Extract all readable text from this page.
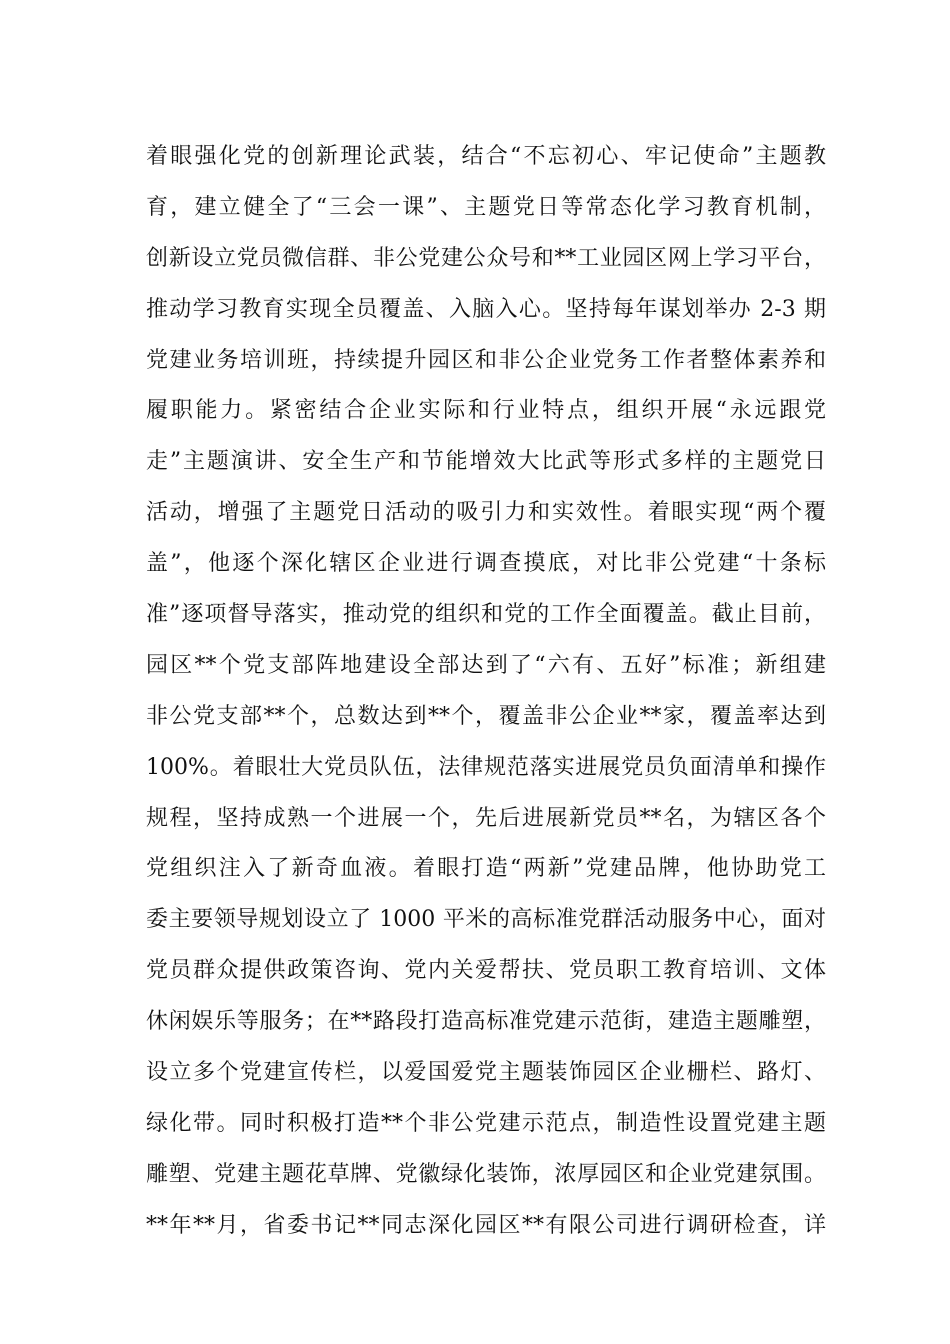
着眼强化党的创新理论武装，结合“不忘初心、牢记使命”主题教
育，建立健全了“三会一课”、主题党日等常态化学习教育机制，
创新设立党员微信群、非公党建公众号和**工业园区网上学习平台，
推动学习教育实现全员覆盖、入脑入心。坚持每年谋划举办 2-3 期
党建业务培训班，持续提升园区和非公企业党务工作者整体素养和
履职能力。紧密结合企业实际和行业特点，组织开展“永远跟党
走”主题演讲、安全生产和节能增效大比武等形式多样的主题党日
活动，增强了主题党日活动的吸引力和实效性。着眼实现“两个覆
盖”，他逐个深化辖区企业进行调查摸底，对比非公党建“十条标
准”逐项督导落实，推动党的组织和党的工作全面覆盖。截止目前，
园区**个党支部阵地建设全部达到了“六有、五好”标准；新组建
非公党支部**个，总数达到**个，覆盖非公企业**家，覆盖率达到
100%。着眼壮大党员队伍，法律规范落实进展党员负面清单和操作
规程，坚持成熟一个进展一个，先后进展新党员**名，为辖区各个
党组织注入了新奇血液。着眼打造“两新”党建品牌，他协助党工
委主要领导规划设立了 1000 平米的高标准党群活动服务中心，面对
党员群众提供政策咨询、党内关爱帮扶、党员职工教育培训、文体
休闲娱乐等服务；在**路段打造高标准党建示范街，建造主题雕塑，
设立多个党建宣传栏，以爱国爱党主题装饰园区企业栅栏、路灯、
绿化带。同时积极打造**个非公党建示范点，制造性设置党建主题
雕塑、党建主题花草牌、党徽绿化装饰，浓厚园区和企业党建氛围。
**年**月，省委书记**同志深化园区**有限公司进行调研检查，详
